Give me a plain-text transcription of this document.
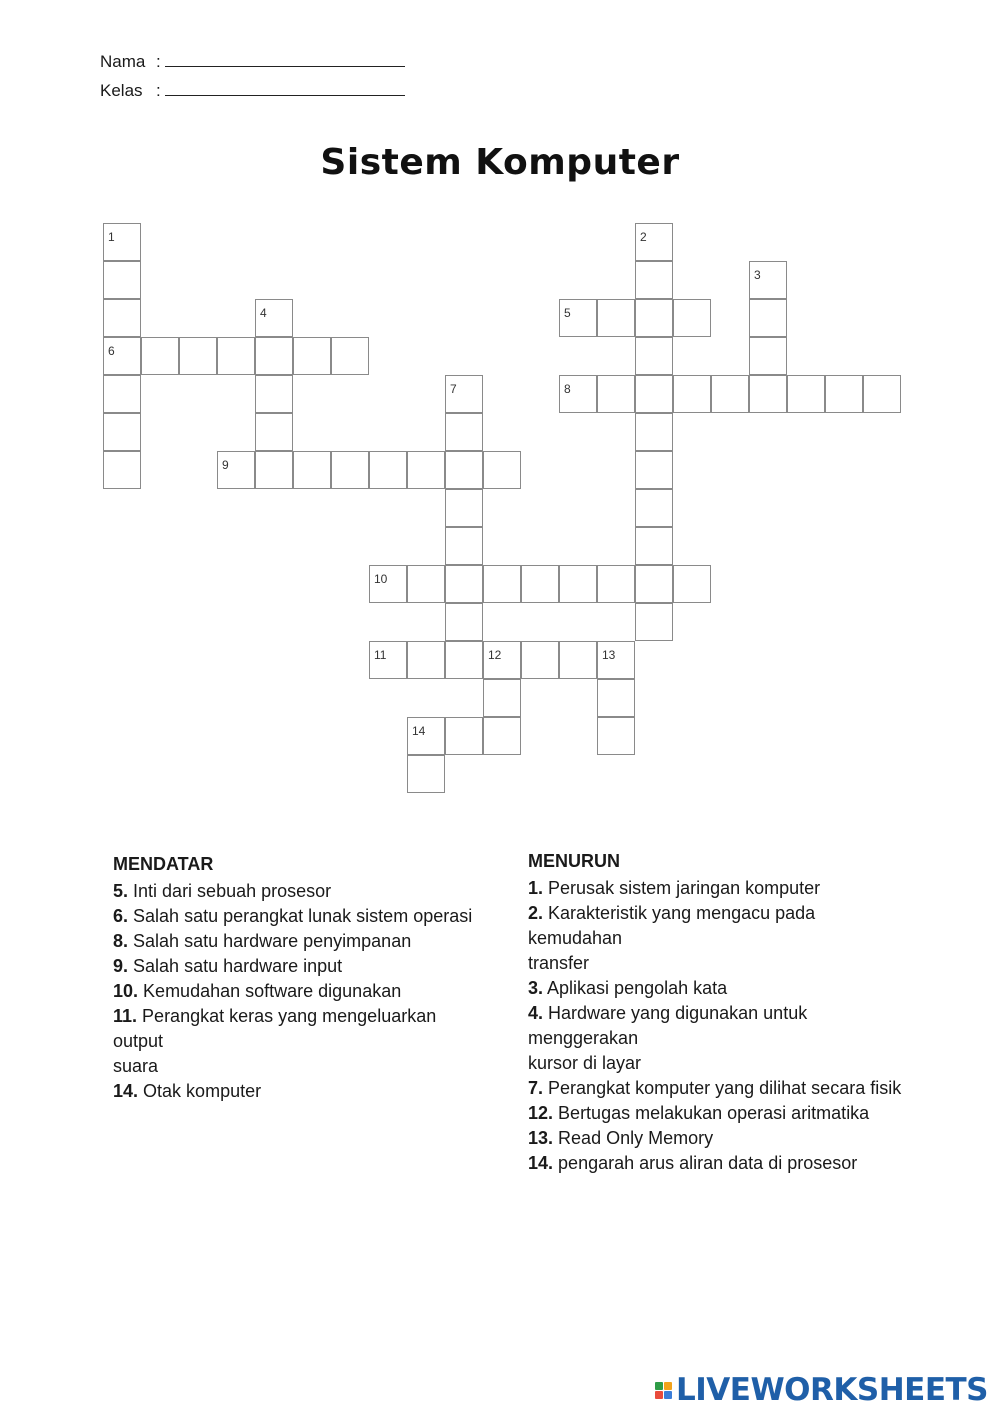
Nama :
Kelas :
Sistem Komputer
1
6
2
3
4	5
7	8
9
10
11	12	13
14
MENDATAR
5. Inti dari sebuah prosesor
6. Salah satu perangkat lunak sistem operasi
8. Salah satu hardware penyimpanan
9. Salah satu hardware input
10. Kemudahan software digunakan
11. Perangkat keras yang mengeluarkan
output
suara
14. Otak komputer
MENURUN
1. Perusak sistem jaringan komputer
2. Karakteristik yang mengacu pada
kemudahan
transfer
3. Aplikasi pengolah kata
4. Hardware yang digunakan untuk
menggerakan
kursor di layar
7. Perangkat komputer yang dilihat secara fisik
12. Bertugas melakukan operasi aritmatika
13. Read Only Memory
14. pengarah arus aliran data di prosesor
LIVEWORKSHEETS
